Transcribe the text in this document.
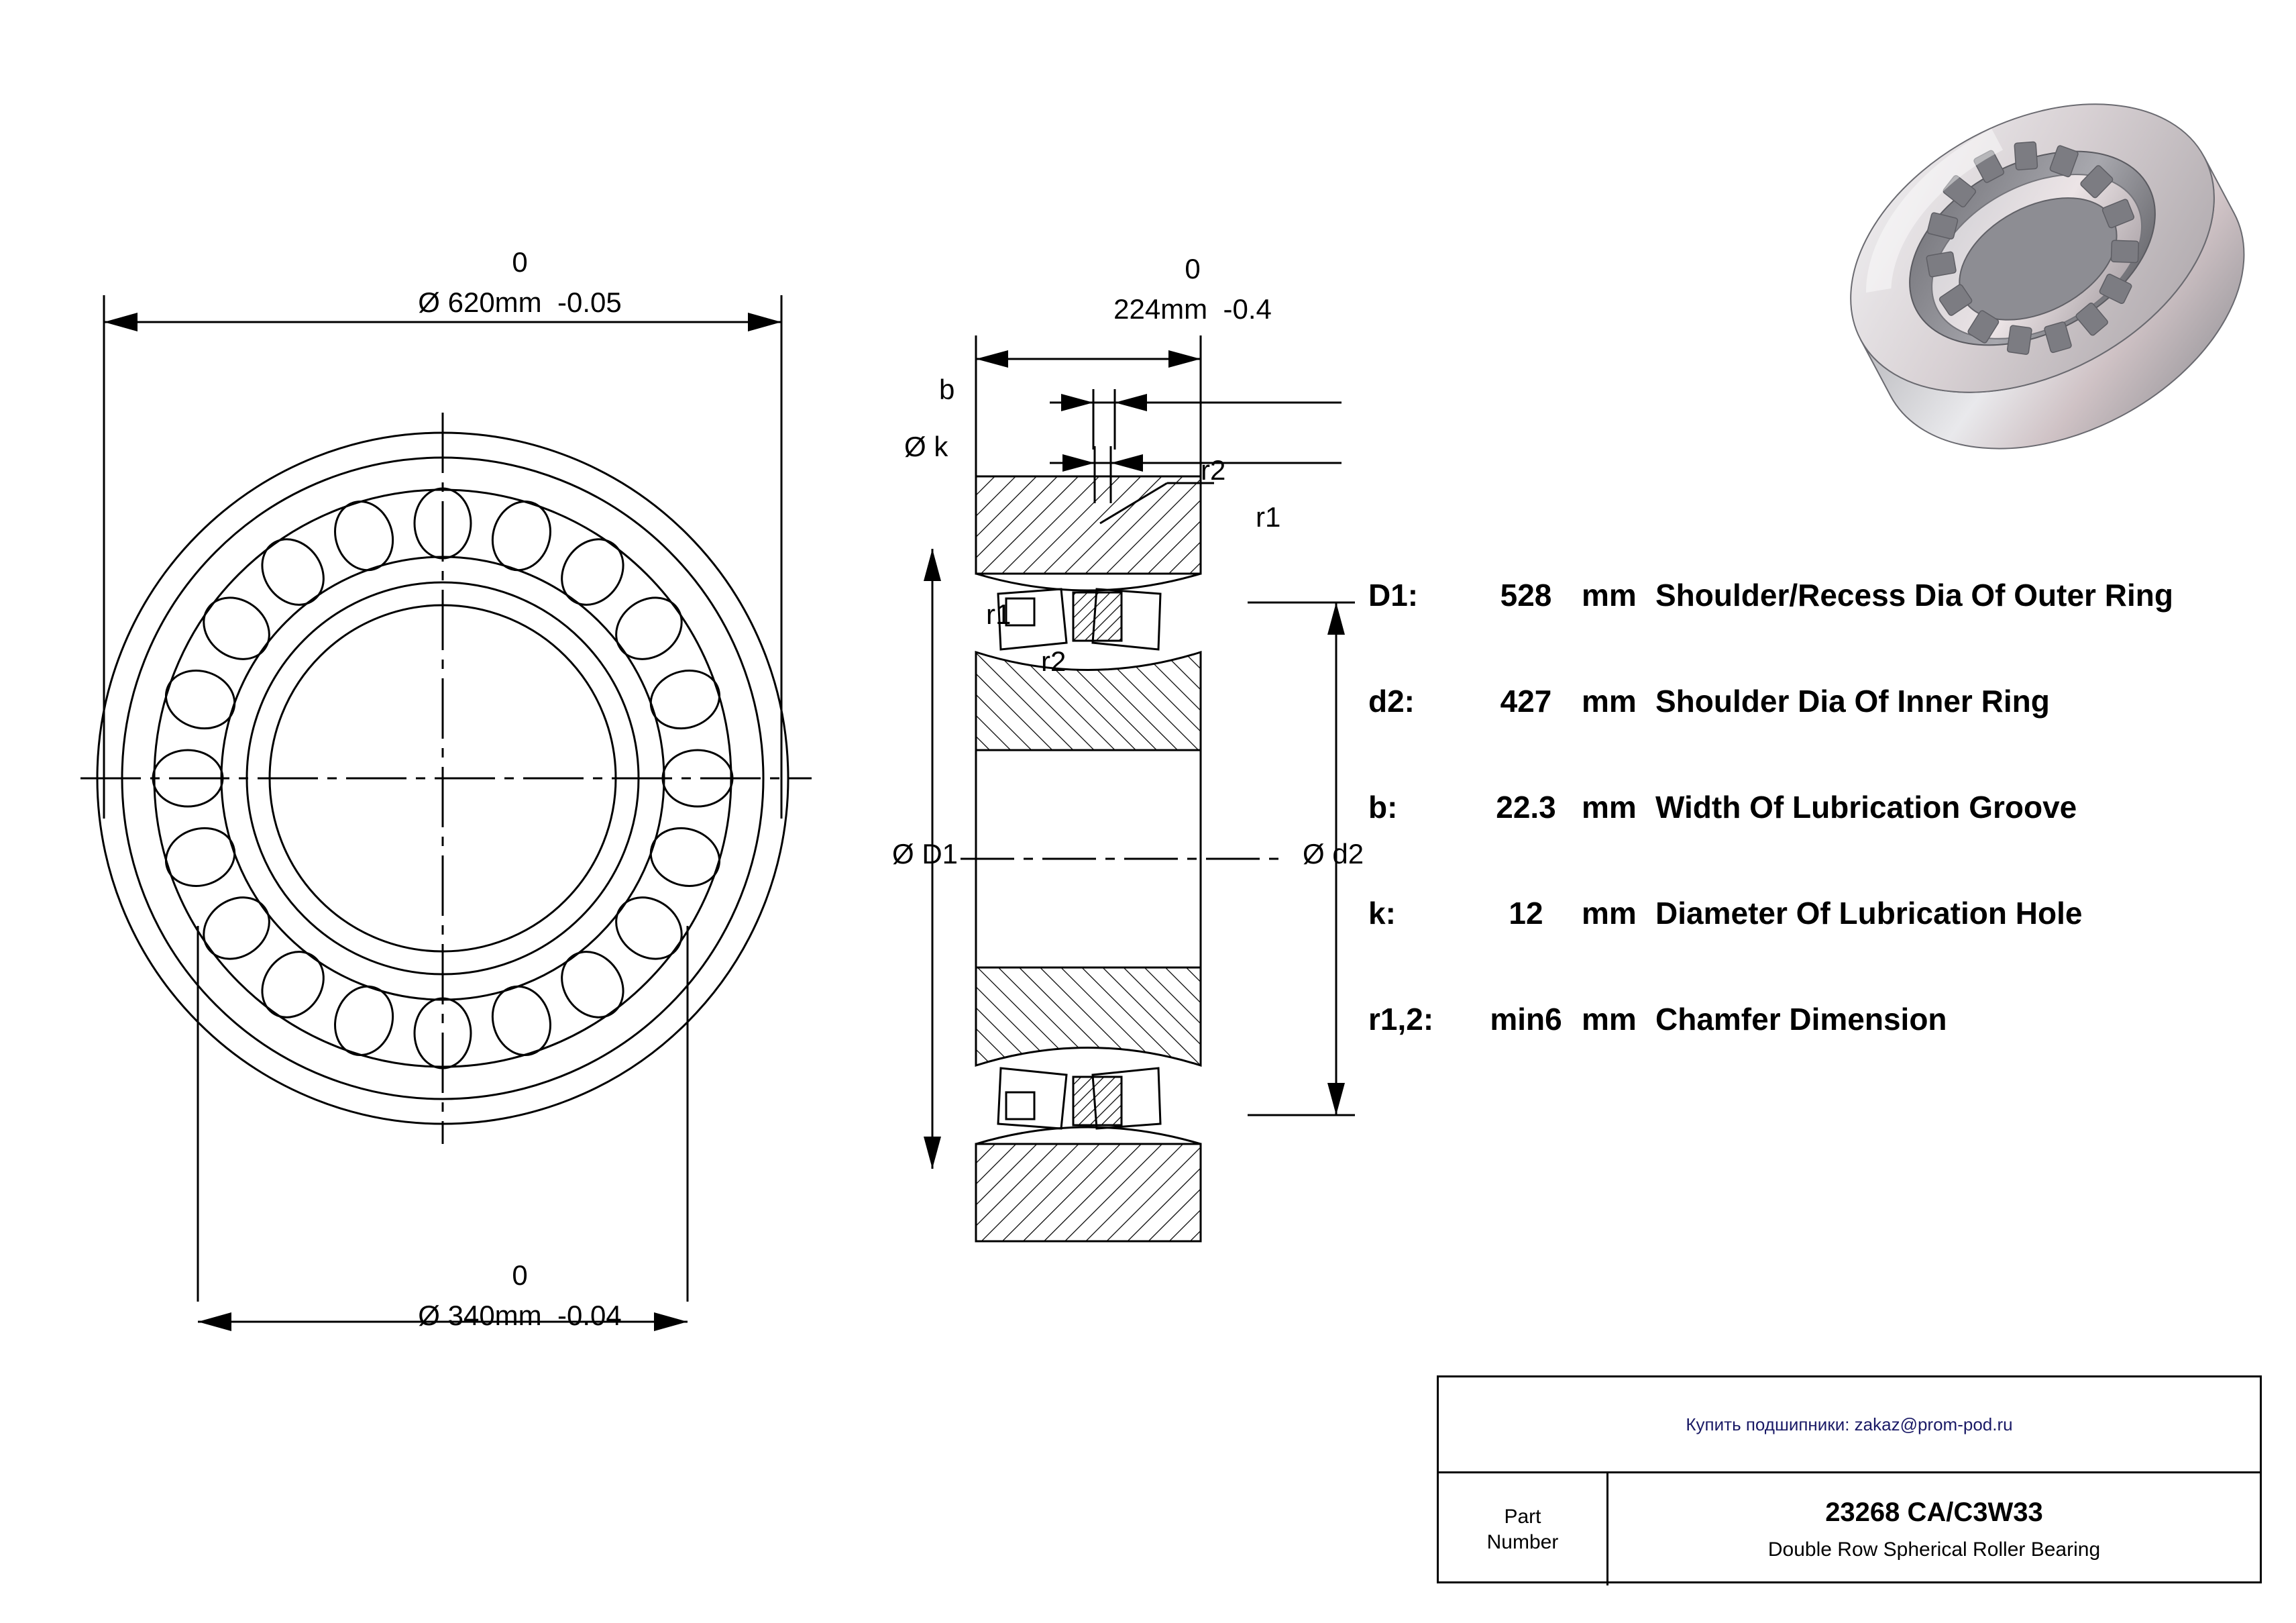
0
Ø 620mm -0.05
0
Ø 340mm -0.04
0
224mm -0.4
b
Ø k
r2
r1
r1
r2
Ø D1	Ø d2
D1:	528 mm Shoulder/Recess Dia Of Outer Ring
d2:	427 mm Shoulder Dia Of Inner Ring
b:	22.3 mm Width Of Lubrication Groove
k:	12	mm Diameter Of Lubrication Hole
r1,2:	min6 mm Chamfer Dimension
Купить подшипники: zakaz@prom-pod.ru
Part
Number
23268 CA/C3W33
Double Row Spherical Roller Bearing
